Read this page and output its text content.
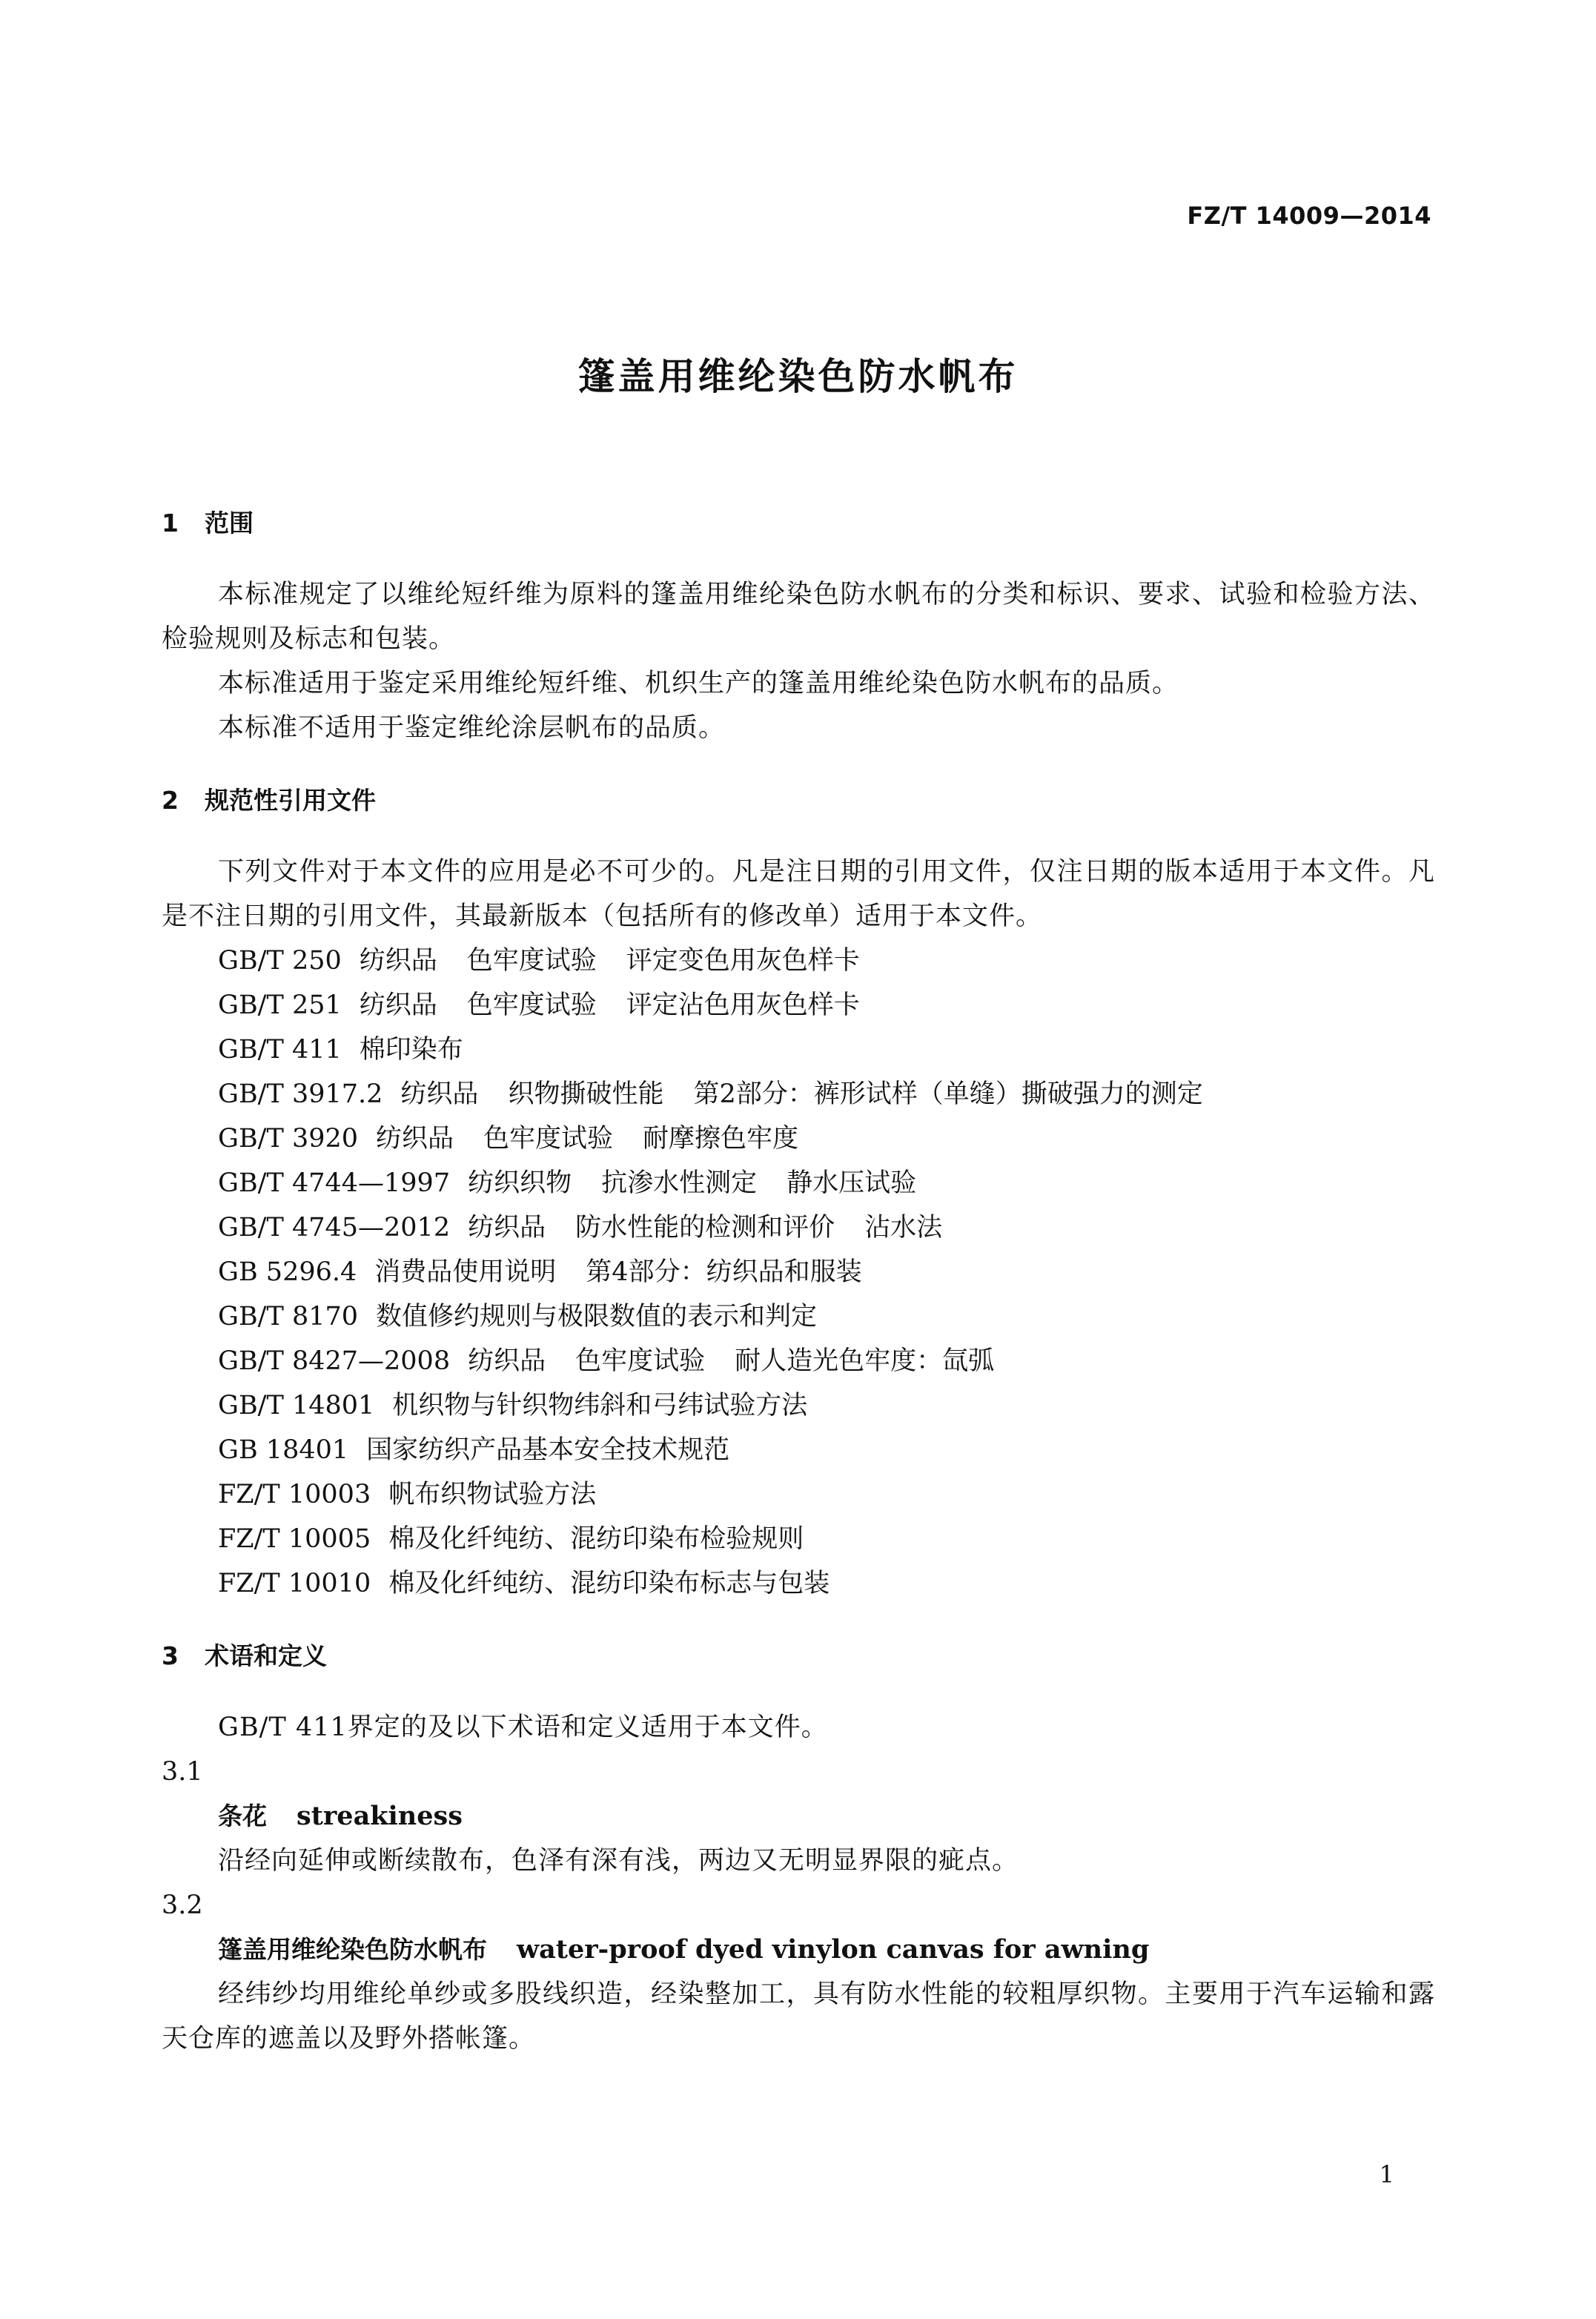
FZ/T 14009—2014
篷盖用维纶染色防水帆布
1 范围

本标准规定了以维纶短纤维为原料的篷盖用维纶染色防水帆布的分类和标识、要求、试验和检验方法、检验规则及标志和包装。

本标准适用于鉴定采用维纶短纤维、机织生产的篷盖用维纶染色防水帆布的品质。

本标准不适用于鉴定维纶涂层帆布的品质。

2 规范性引用文件

下列文件对于本文件的应用是必不可少的。凡是注日期的引用文件，仅注日期的版本适用于本文件。凡是不注日期的引用文件，其最新版本（包括所有的修改单）适用于本文件。

GB/T 250 纺织品 色牢度试验 评定变色用灰色样卡
GB/T 251 纺织品 色牢度试验 评定沾色用灰色样卡
GB/T 411 棉印染布
GB/T 3917.2 纺织品 织物撕破性能 第2部分：裤形试样（单缝）撕破强力的测定
GB/T 3920 纺织品 色牢度试验 耐摩擦色牢度
GB/T 4744—1997 纺织织物 抗渗水性测定 静水压试验
GB/T 4745—2012 纺织品 防水性能的检测和评价 沾水法
GB 5296.4 消费品使用说明 第4部分：纺织品和服装
GB/T 8170 数值修约规则与极限数值的表示和判定
GB/T 8427—2008 纺织品 色牢度试验 耐人造光色牢度：氙弧
GB/T 14801 机织物与针织物纬斜和弓纬试验方法
GB 18401 国家纺织产品基本安全技术规范
FZ/T 10003 帆布织物试验方法
FZ/T 10005 棉及化纤纯纺、混纺印染布检验规则
FZ/T 10010 棉及化纤纯纺、混纺印染布标志与包装
3 术语和定义

GB/T 411界定的及以下术语和定义适用于本文件。

3.1

条花 streakiness

沿经向延伸或断续散布，色泽有深有浅，两边又无明显界限的疵点。

3.2

篷盖用维纶染色防水帆布 water-proof dyed vinylon canvas for awning

经纬纱均用维纶单纱或多股线织造，经染整加工，具有防水性能的较粗厚织物。主要用于汽车运输和露天仓库的遮盖以及野外搭帐篷。

1
